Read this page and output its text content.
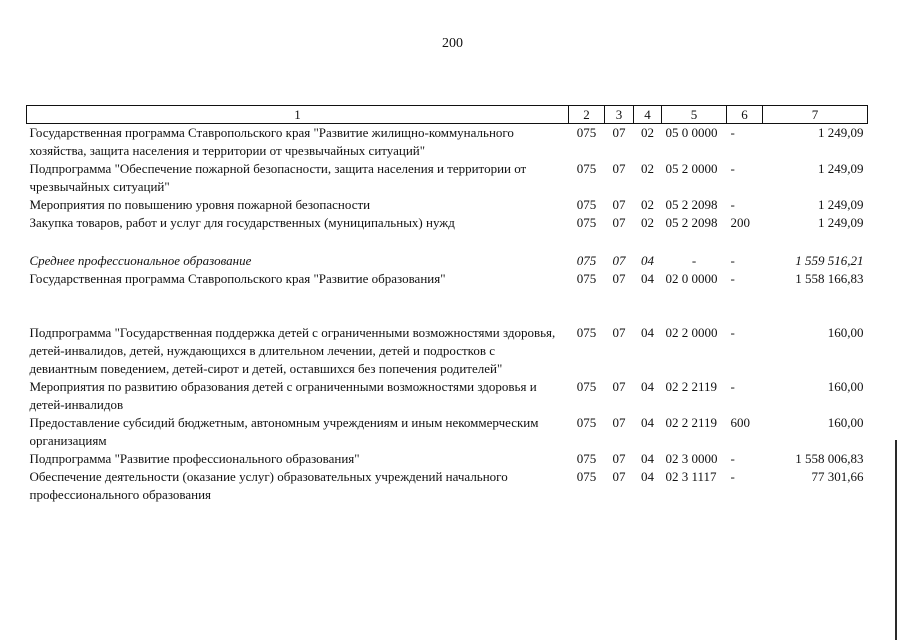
200
1	2	3	4	5	6	7
Государственная программа Ставропольского края "Развитие жилищно-коммунального хозяйства, защита населения и территории от чрезвычайных ситуаций"	075	07	02	05 0 0000	-	1 249,09
Подпрограмма "Обеспечение пожарной безопасности, защита населения и территории от чрезвычайных ситуаций"	075	07	02	05 2 0000	-	1 249,09
Мероприятия по повышению уровня пожарной безопасности	075	07	02	05 2 2098	-	1 249,09
Закупка товаров, работ и услуг для государственных (муниципальных) нужд	075	07	02	05 2 2098	200	1 249,09
Среднее профессиональное образование	075	07	04	-	-	1 559 516,21
Государственная программа Ставропольского края "Развитие образования"	075	07	04	02 0 0000	-	1 558 166,83
Подпрограмма "Государственная поддержка детей с ограниченными возможностями здоровья, детей-инвалидов, детей, нуждающихся в длительном лечении, детей и подростков с девиантным поведением, детей-сирот и детей, оставшихся без попечения родителей"	075	07	04	02 2 0000	-	160,00
Мероприятия по развитию образования детей с ограниченными возможностями здоровья и детей-инвалидов	075	07	04	02 2 2119	-	160,00
Предоставление субсидий бюджетным, автономным учреждениям и иным некоммерческим организациям	075	07	04	02 2 2119	600	160,00
Подпрограмма "Развитие профессионального образования"	075	07	04	02 3 0000	-	1 558 006,83
Обеспечение деятельности (оказание услуг) образовательных учреждений начального профессионального образования	075	07	04	02 3 1117	-	77 301,66
